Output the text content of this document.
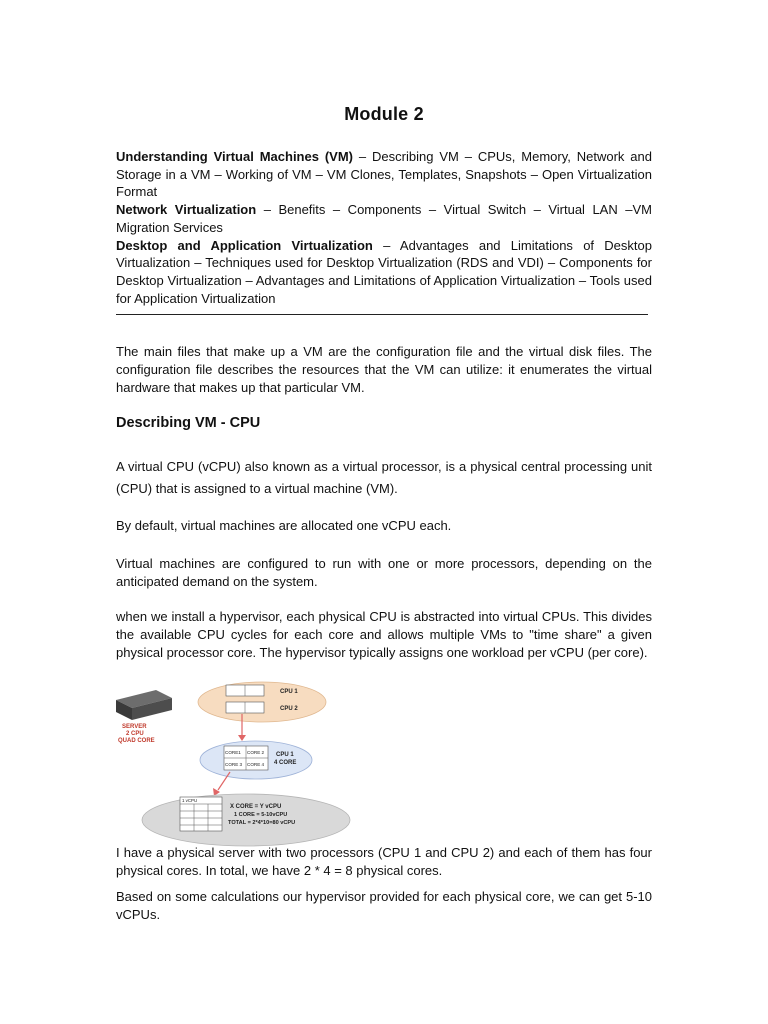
Module 2
Understanding Virtual Machines (VM) – Describing VM – CPUs, Memory, Network and Storage in a VM – Working of VM – VM Clones, Templates, Snapshots – Open Virtualization Format
Network Virtualization – Benefits – Components – Virtual Switch – Virtual LAN –VM Migration Services
Desktop and Application Virtualization – Advantages and Limitations of Desktop Virtualization – Techniques used for Desktop Virtualization (RDS and VDI) – Components for Desktop Virtualization – Advantages and Limitations of Application Virtualization – Tools used for Application Virtualization
The main files that make up a VM are the configuration file and the virtual disk files. The configuration file describes the resources that the VM can utilize: it enumerates the virtual hardware that makes up that particular VM.
Describing VM - CPU
A virtual CPU (vCPU) also known as a virtual processor, is a physical central processing unit (CPU) that is assigned to a virtual machine (VM).
By default, virtual machines are allocated one vCPU each.
Virtual machines are configured to run with one or more processors, depending on the anticipated demand on the system.
when we install a hypervisor, each physical CPU is abstracted into virtual CPUs. This divides the available CPU cycles for each core and allows multiple VMs to "time share" a given physical processor core. The hypervisor typically assigns one workload per vCPU (per core).
SERVER
2 CPU
QUAD CORE
CPU 1
CPU 2
CORE1 CORE 2
CORE 3 CORE 4
CPU 1
4 CORE
1 vCPU
X CORE = Y vCPU
1 CORE = 5-10vCPU
TOTAL = 2*4*10=80 vCPU
I have a physical server with two processors (CPU 1 and CPU 2) and each of them has four physical cores. In total, we have 2 * 4 = 8 physical cores.
Based on some calculations our hypervisor provided for each physical core, we can get 5-10 vCPUs.
